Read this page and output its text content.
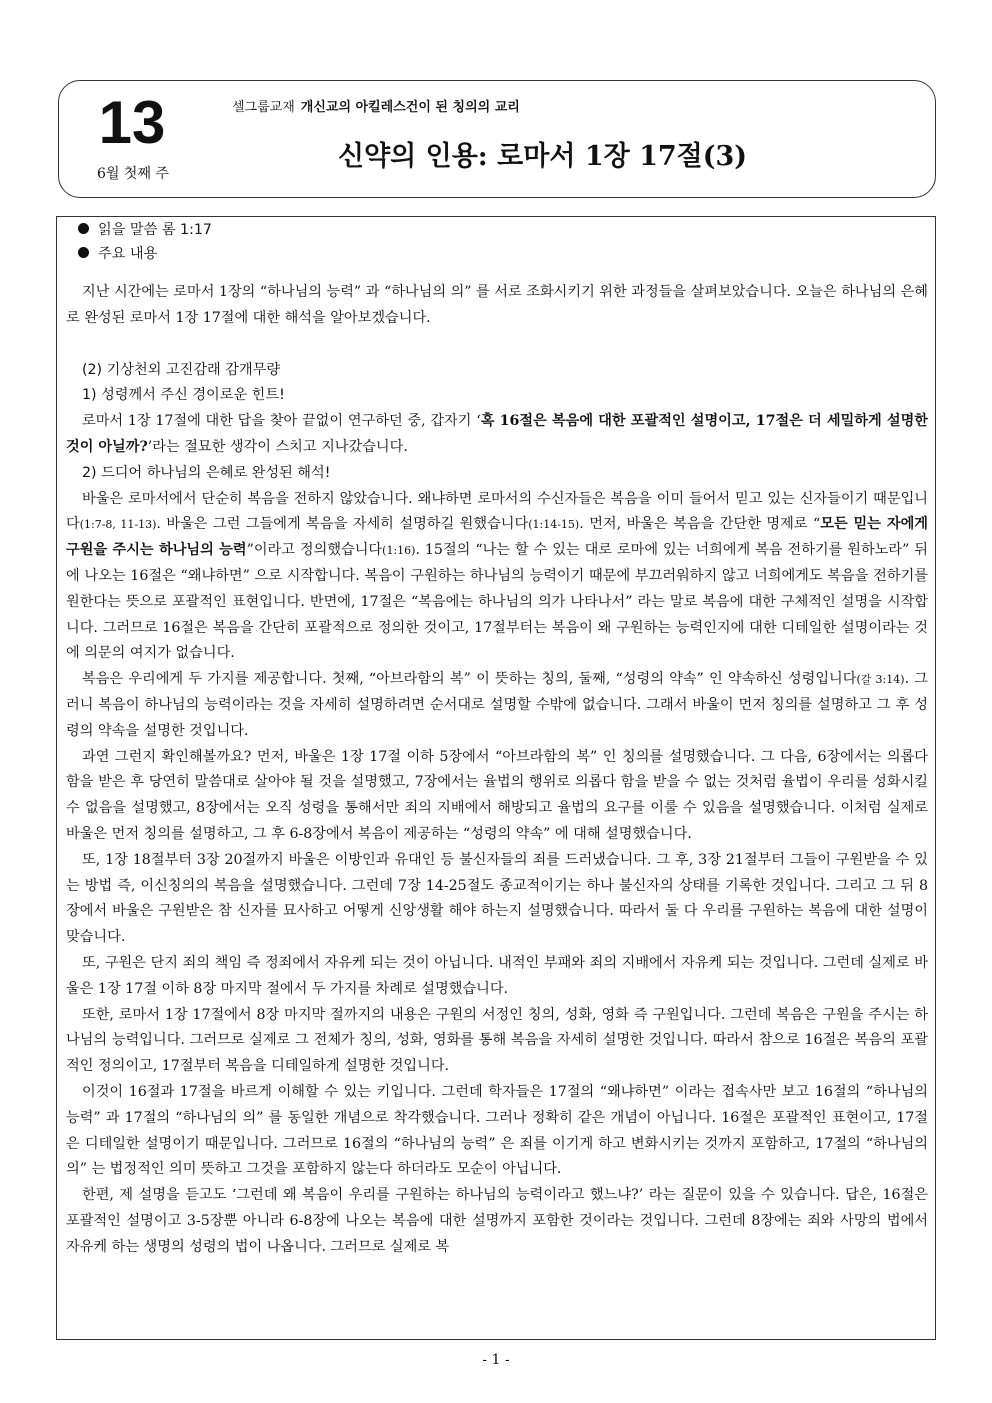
13
6월 첫째 주
셀그룹교재 개신교의 아킬레스건이 된 칭의의 교리
신약의 인용: 로마서 1장 17절(3)
읽을 말씀 롬 1:17
주요 내용

지난 시간에는 로마서 1장의 “하나님의 능력” 과 “하나님의 의” 를 서로 조화시키기 위한 과정들을 살펴보았습니다. 오늘은 하나님의 은혜로 완성된 로마서 1장 17절에 대한 해석을 알아보겠습니다.

(2) 기상천외 고진감래 감개무량

1) 성령께서 주신 경이로운 힌트!

로마서 1장 17절에 대한 답을 찾아 끝없이 연구하던 중, 갑자기 ‘혹 16절은 복음에 대한 포괄적인 설명이고, 17절은 더 세밀하게 설명한 것이 아닐까?’라는 절묘한 생각이 스치고 지나갔습니다.

2) 드디어 하나님의 은혜로 완성된 해석!

바울은 로마서에서 단순히 복음을 전하지 않았습니다. 왜냐하면 로마서의 수신자들은 복음을 이미 들어서 믿고 있는 신자들이기 때문입니다(1:7-8, 11-13). 바울은 그런 그들에게 복음을 자세히 설명하길 원했습니다(1:14-15). 먼저, 바울은 복음을 간단한 명제로 “모든 믿는 자에게 구원을 주시는 하나님의 능력”이라고 정의했습니다(1:16). 15절의 “나는 할 수 있는 대로 로마에 있는 너희에게 복음 전하기를 원하노라” 뒤에 나오는 16절은 “왜냐하면” 으로 시작합니다. 복음이 구원하는 하나님의 능력이기 때문에 부끄러워하지 않고 너희에게도 복음을 전하기를 원한다는 뜻으로 포괄적인 표현입니다. 반면에, 17절은 “복음에는 하나님의 의가 나타나서” 라는 말로 복음에 대한 구체적인 설명을 시작합니다. 그러므로 16절은 복음을 간단히 포괄적으로 정의한 것이고, 17절부터는 복음이 왜 구원하는 능력인지에 대한 디테일한 설명이라는 것에 의문의 여지가 없습니다.

복음은 우리에게 두 가지를 제공합니다. 첫째, “아브라함의 복” 이 뜻하는 칭의, 둘째, “성령의 약속” 인 약속하신 성령입니다(갈 3:14). 그러니 복음이 하나님의 능력이라는 것을 자세히 설명하려면 순서대로 설명할 수밖에 없습니다. 그래서 바울이 먼저 칭의를 설명하고 그 후 성령의 약속을 설명한 것입니다.

과연 그런지 확인해볼까요? 먼저, 바울은 1장 17절 이하 5장에서 “아브라함의 복” 인 칭의를 설명했습니다. 그 다음, 6장에서는 의롭다 함을 받은 후 당연히 말씀대로 살아야 될 것을 설명했고, 7장에서는 율법의 행위로 의롭다 함을 받을 수 없는 것처럼 율법이 우리를 성화시킬 수 없음을 설명했고, 8장에서는 오직 성령을 통해서만 죄의 지배에서 해방되고 율법의 요구를 이룰 수 있음을 설명했습니다. 이처럼 실제로 바울은 먼저 칭의를 설명하고, 그 후 6-8장에서 복음이 제공하는 “성령의 약속” 에 대해 설명했습니다.

또, 1장 18절부터 3장 20절까지 바울은 이방인과 유대인 등 불신자들의 죄를 드러냈습니다. 그 후, 3장 21절부터 그들이 구원받을 수 있는 방법 즉, 이신칭의의 복음을 설명했습니다. 그런데 7장 14-25절도 종교적이기는 하나 불신자의 상태를 기록한 것입니다. 그리고 그 뒤 8장에서 바울은 구원받은 참 신자를 묘사하고 어떻게 신앙생활 해야 하는지 설명했습니다. 따라서 둘 다 우리를 구원하는 복음에 대한 설명이 맞습니다.

또, 구원은 단지 죄의 책임 즉 정죄에서 자유케 되는 것이 아닙니다. 내적인 부패와 죄의 지배에서 자유케 되는 것입니다. 그런데 실제로 바울은 1장 17절 이하 8장 마지막 절에서 두 가지를 차례로 설명했습니다.

또한, 로마서 1장 17절에서 8장 마지막 절까지의 내용은 구원의 서정인 칭의, 성화, 영화 즉 구원입니다. 그런데 복음은 구원을 주시는 하나님의 능력입니다. 그러므로 실제로 그 전체가 칭의, 성화, 영화를 통해 복음을 자세히 설명한 것입니다. 따라서 참으로 16절은 복음의 포괄적인 정의이고, 17절부터 복음을 디테일하게 설명한 것입니다.

이것이 16절과 17절을 바르게 이해할 수 있는 키입니다. 그런데 학자들은 17절의 “왜냐하면” 이라는 접속사만 보고 16절의 “하나님의 능력” 과 17절의 “하나님의 의” 를 동일한 개념으로 착각했습니다. 그러나 정확히 같은 개념이 아닙니다. 16절은 포괄적인 표현이고, 17절은 디테일한 설명이기 때문입니다. 그러므로 16절의 “하나님의 능력” 은 죄를 이기게 하고 변화시키는 것까지 포함하고, 17절의 “하나님의 의” 는 법정적인 의미 뜻하고 그것을 포함하지 않는다 하더라도 모순이 아닙니다.

한편, 제 설명을 듣고도 ‘그런데 왜 복음이 우리를 구원하는 하나님의 능력이라고 했느냐?’ 라는 질문이 있을 수 있습니다. 답은, 16절은 포괄적인 설명이고 3-5장뿐 아니라 6-8장에 나오는 복음에 대한 설명까지 포함한 것이라는 것입니다. 그런데 8장에는 죄와 사망의 법에서 자유케 하는 생명의 성령의 법이 나옵니다. 그러므로 실제로 복

- 1 -
